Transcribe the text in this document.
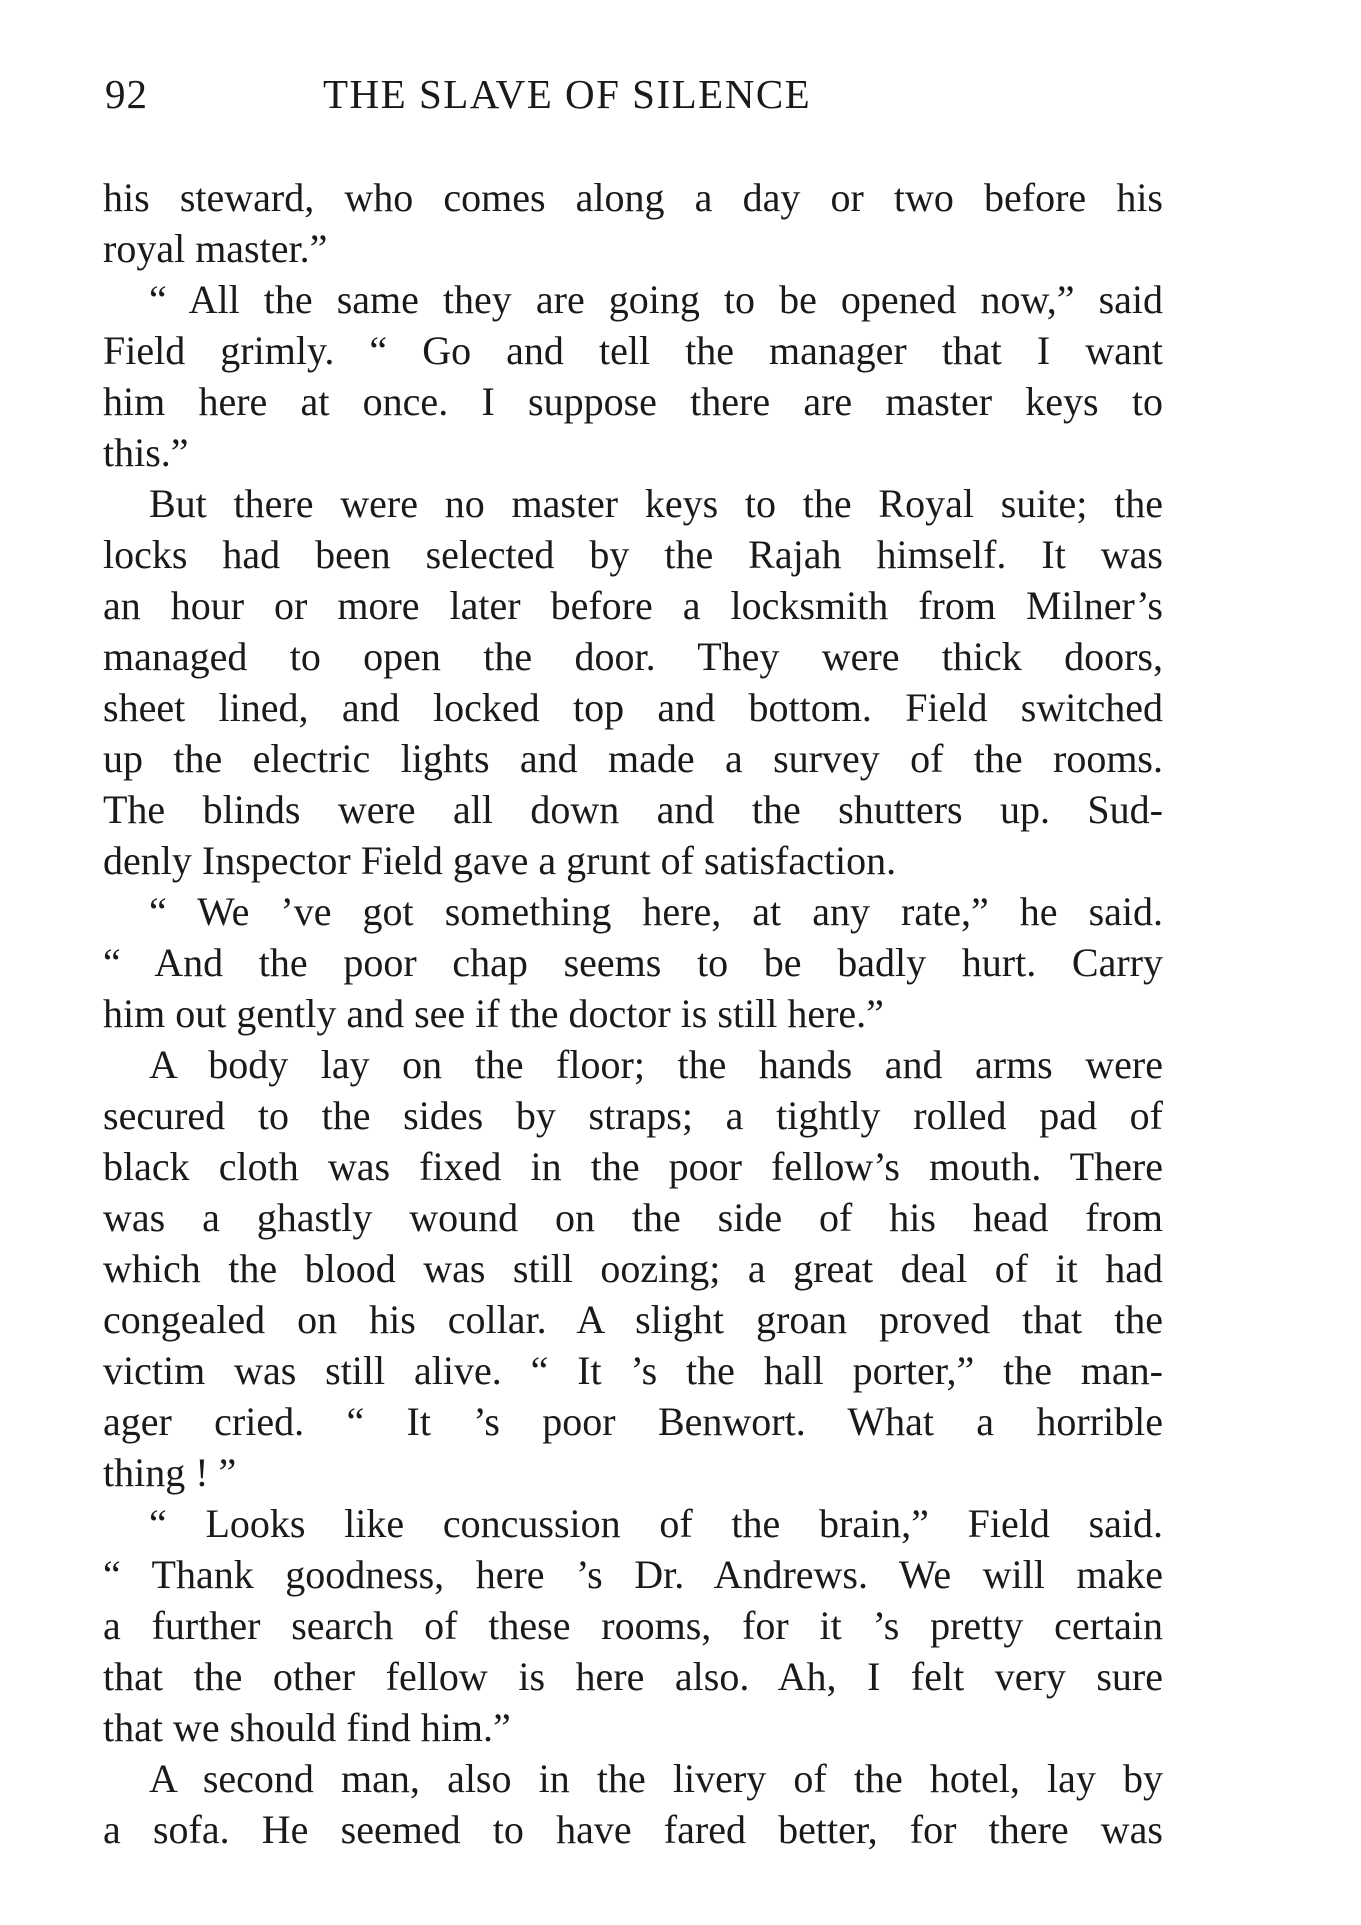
92	THE SLAVE OF SILENCE
his steward, who comes along a day or two before his
royal master.”
“ All the same they are going to be opened now,” said
Field grimly. “ Go and tell the manager that I want
him here at once. I suppose there are master keys to
this.”
But there were no master keys to the Royal suite; the
locks had been selected by the Rajah himself. It was
an hour or more later before a locksmith from Milner’s
managed to open the door. They were thick doors,
sheet lined, and locked top and bottom. Field switched
up the electric lights and made a survey of the rooms.
The blinds were all down and the shutters up. Sud-
denly Inspector Field gave a grunt of satisfaction.
“ We ’ve got something here, at any rate,” he said.
“ And the poor chap seems to be badly hurt. Carry
him out gently and see if the doctor is still here.”
A body lay on the floor; the hands and arms were
secured to the sides by straps; a tightly rolled pad of
black cloth was fixed in the poor fellow’s mouth. There
was a ghastly wound on the side of his head from
which the blood was still oozing; a great deal of it had
congealed on his collar. A slight groan proved that the
victim was still alive. “ It ’s the hall porter,” the man-
ager cried. “ It ’s poor Benwort. What a horrible
thing ! ”
“ Looks like concussion of the brain,” Field said.
“ Thank goodness, here ’s Dr. Andrews. We will make
a further search of these rooms, for it ’s pretty certain
that the other fellow is here also. Ah, I felt very sure
that we should find him.”
A second man, also in the livery of the hotel, lay by
a sofa. He seemed to have fared better, for there was
